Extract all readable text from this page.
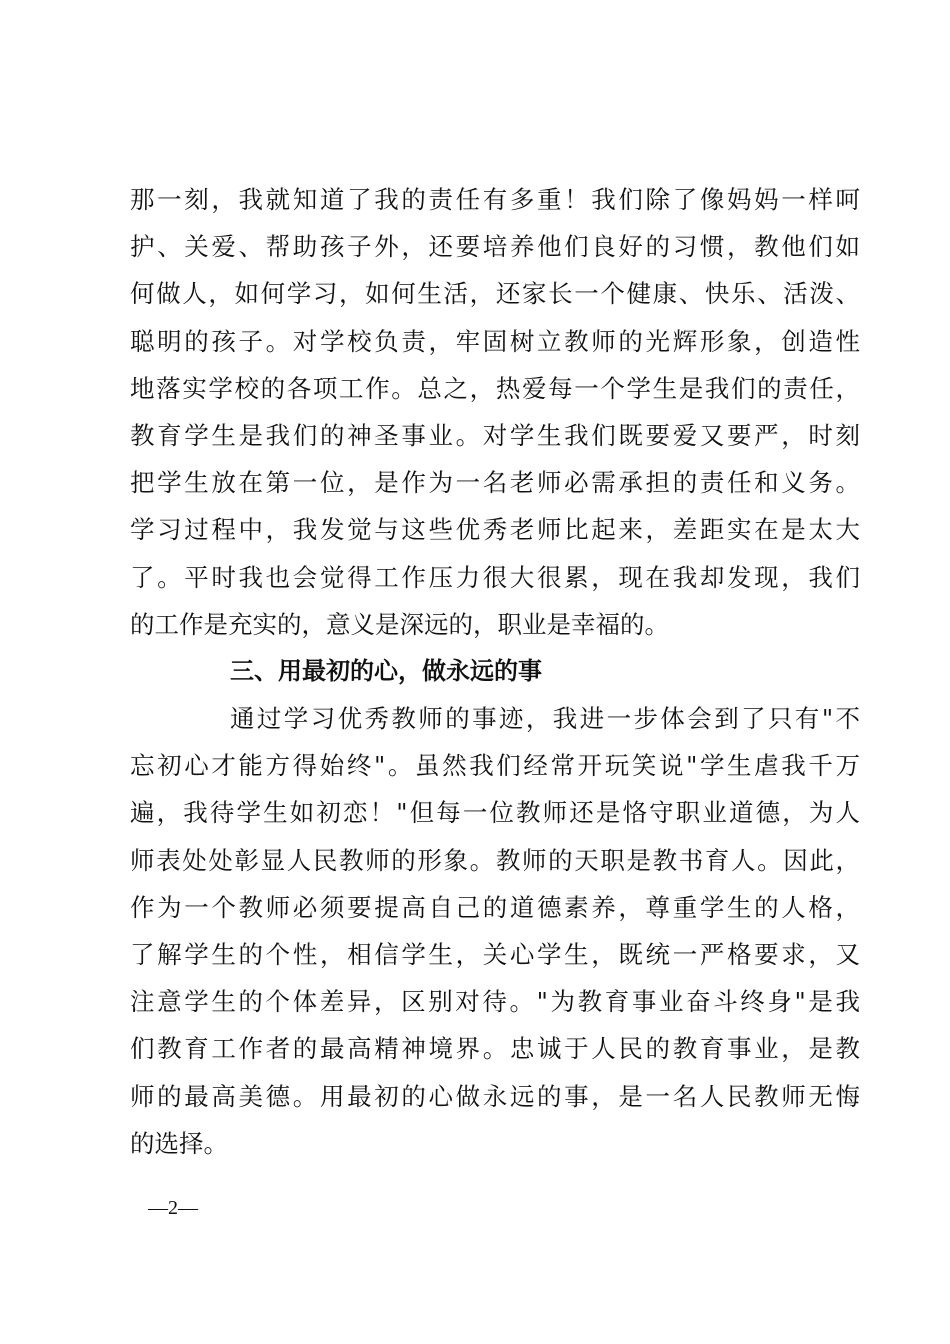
那一刻，我就知道了我的责任有多重！我们除了像妈妈一样呵
护、关爱、帮助孩子外，还要培养他们良好的习惯，教他们如
何做人，如何学习，如何生活，还家长一个健康、快乐、活泼、
聪明的孩子。对学校负责，牢固树立教师的光辉形象，创造性
地落实学校的各项工作。总之，热爱每一个学生是我们的责任，
教育学生是我们的神圣事业。对学生我们既要爱又要严，时刻
把学生放在第一位，是作为一名老师必需承担的责任和义务。
学习过程中，我发觉与这些优秀老师比起来，差距实在是太大
了。平时我也会觉得工作压力很大很累，现在我却发现，我们
的工作是充实的，意义是深远的，职业是幸福的。
三、用最初的心，做永远的事
通过学习优秀教师的事迹，我进一步体会到了只有"不
忘初心才能方得始终"。虽然我们经常开玩笑说"学生虐我千万
遍，我待学生如初恋！"但每一位教师还是恪守职业道德，为人
师表处处彰显人民教师的形象。教师的天职是教书育人。因此，
作为一个教师必须要提高自己的道德素养，尊重学生的人格，
了解学生的个性，相信学生，关心学生，既统一严格要求，又
注意学生的个体差异，区别对待。"为教育事业奋斗终身"是我
们教育工作者的最高精神境界。忠诚于人民的教育事业，是教
师的最高美德。用最初的心做永远的事，是一名人民教师无悔
的选择。
—2—
